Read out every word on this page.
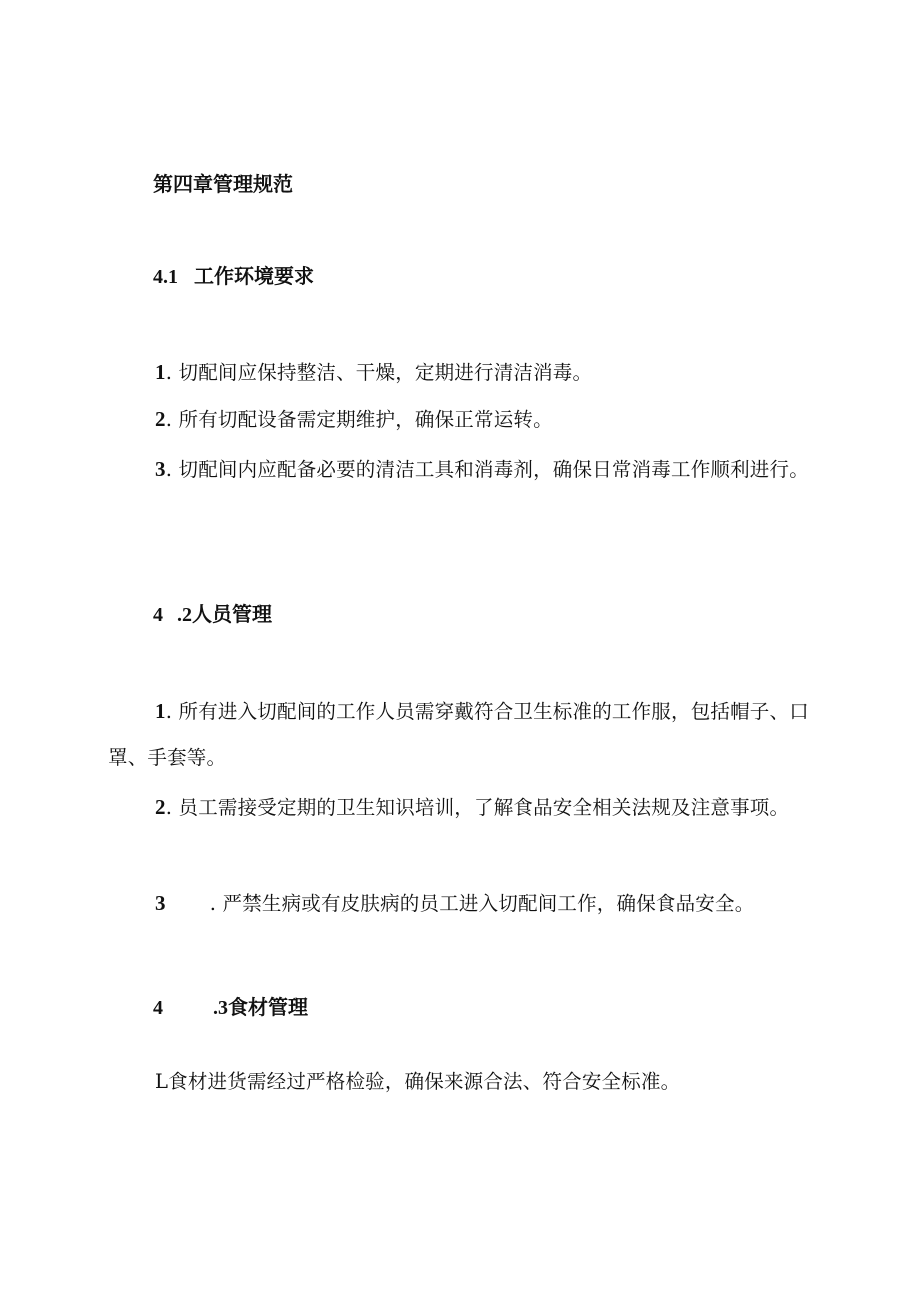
第四章管理规范
4.1 工作环境要求
1. 切配间应保持整洁、干燥，定期进行清洁消毒。
2. 所有切配设备需定期维护，确保正常运转。
3. 切配间内应配备必要的清洁工具和消毒剂，确保日常消毒工作顺利进行。
4 .2人员管理
1. 所有进入切配间的工作人员需穿戴符合卫生标准的工作服，包括帽子、口罩、手套等。
2. 员工需接受定期的卫生知识培训，了解食品安全相关法规及注意事项。
3 . 严禁生病或有皮肤病的员工进入切配间工作，确保食品安全。
4	.3食材管理
L食材进货需经过严格检验，确保来源合法、符合安全标准。
